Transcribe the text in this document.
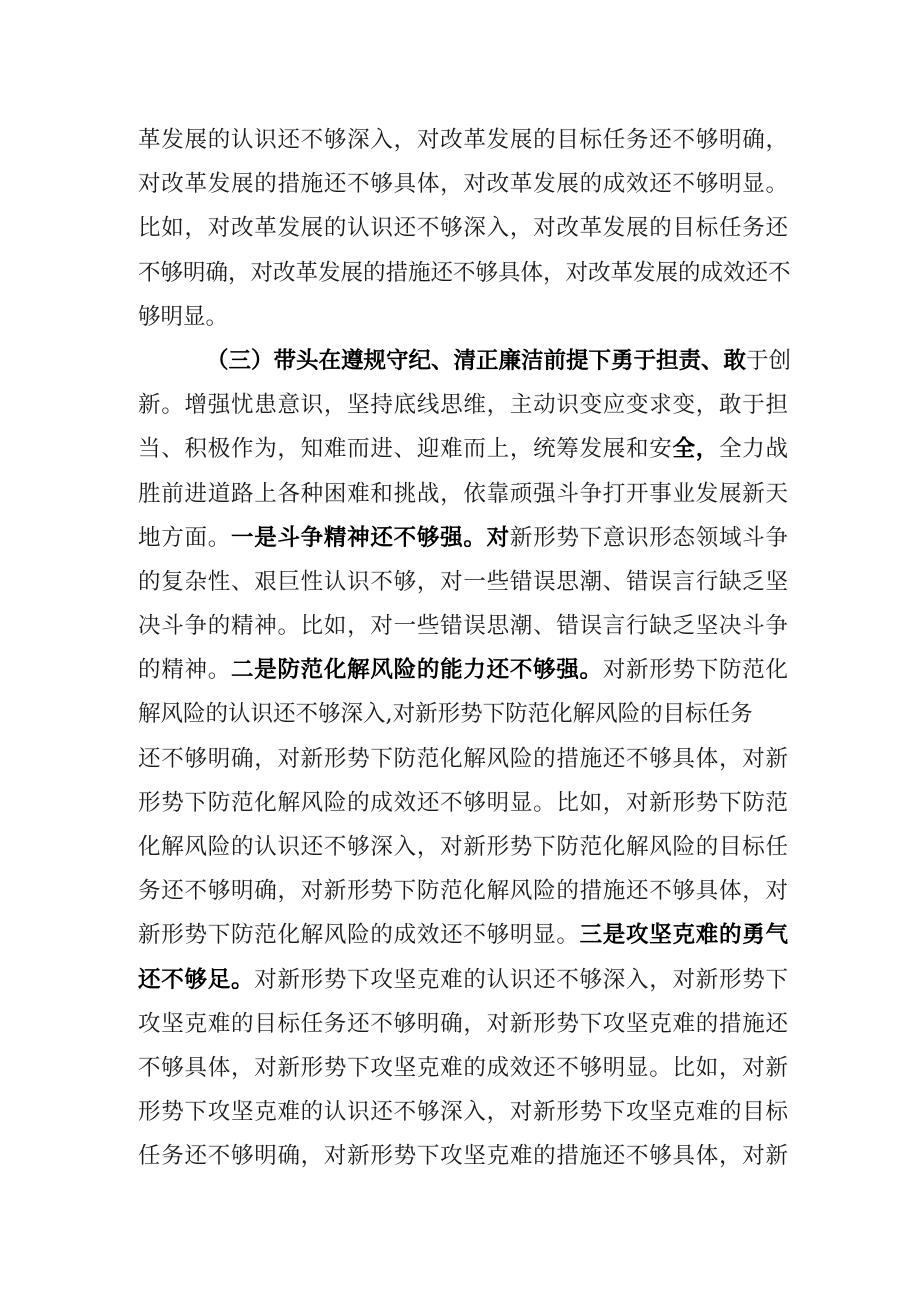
革发展的认识还不够深入，对改革发展的目标任务还不够明确，
对改革发展的措施还不够具体，对改革发展的成效还不够明显。
比如，对改革发展的认识还不够深入，对改革发展的目标任务还
不够明确，对改革发展的措施还不够具体，对改革发展的成效还不
够明显。
（三）带头在遵规守纪、清正廉洁前提下勇于担责、敢于创
新。增强忧患意识，坚持底线思维，主动识变应变求变，敢于担
当、积极作为，知难而进、迎难而上，统筹发展和安全，全力战
胜前进道路上各种困难和挑战，依靠顽强斗争打开事业发展新天
地方面。一是斗争精神还不够强。对新形势下意识形态领域斗争
的复杂性、艰巨性认识不够，对一些错误思潮、错误言行缺乏坚
决斗争的精神。比如，对一些错误思潮、错误言行缺乏坚决斗争
的精神。二是防范化解风险的能力还不够强。对新形势下防范化
解风险的认识还不够深入,对新形势下防范化解风险的目标任务
还不够明确，对新形势下防范化解风险的措施还不够具体，对新
形势下防范化解风险的成效还不够明显。比如，对新形势下防范
化解风险的认识还不够深入，对新形势下防范化解风险的目标任
务还不够明确，对新形势下防范化解风险的措施还不够具体，对
新形势下防范化解风险的成效还不够明显。三是攻坚克难的勇气
还不够足。对新形势下攻坚克难的认识还不够深入，对新形势下
攻坚克难的目标任务还不够明确，对新形势下攻坚克难的措施还
不够具体，对新形势下攻坚克难的成效还不够明显。比如，对新
形势下攻坚克难的认识还不够深入，对新形势下攻坚克难的目标
任务还不够明确，对新形势下攻坚克难的措施还不够具体，对新
